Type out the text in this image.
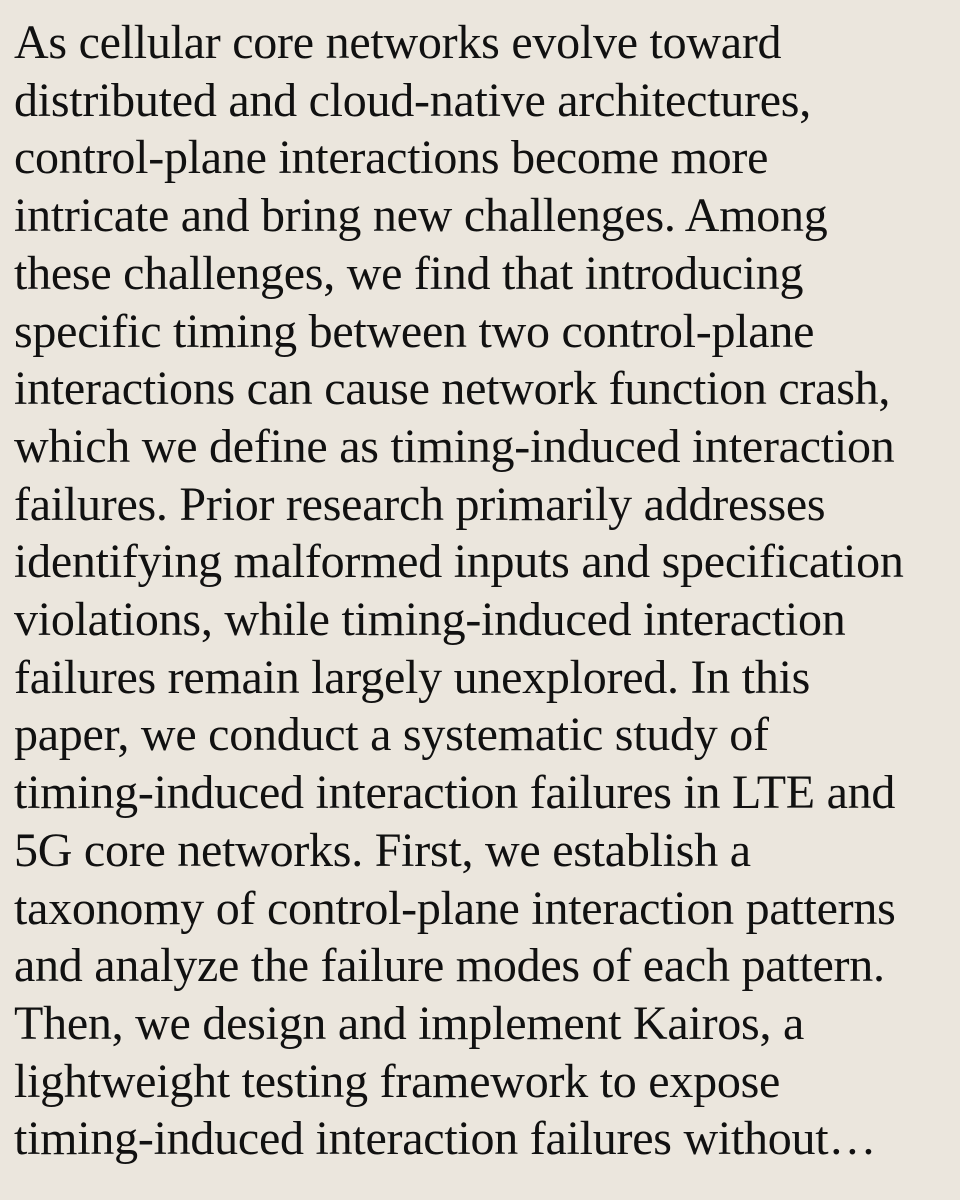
As cellular core networks evolve toward
distributed and cloud-native architectures,
control-plane interactions become more
intricate and bring new challenges. Among
these challenges, we find that introducing
specific timing between two control-plane
interactions can cause network function crash,
which we define as timing-induced interaction
failures. Prior research primarily addresses
identifying malformed inputs and specification
violations, while timing-induced interaction
failures remain largely unexplored. In this
paper, we conduct a systematic study of
timing-induced interaction failures in LTE and
5G core networks. First, we establish a
taxonomy of control-plane interaction patterns
and analyze the failure modes of each pattern.
Then, we design and implement Kairos, a
lightweight testing framework to expose
timing-induced interaction failures without…
